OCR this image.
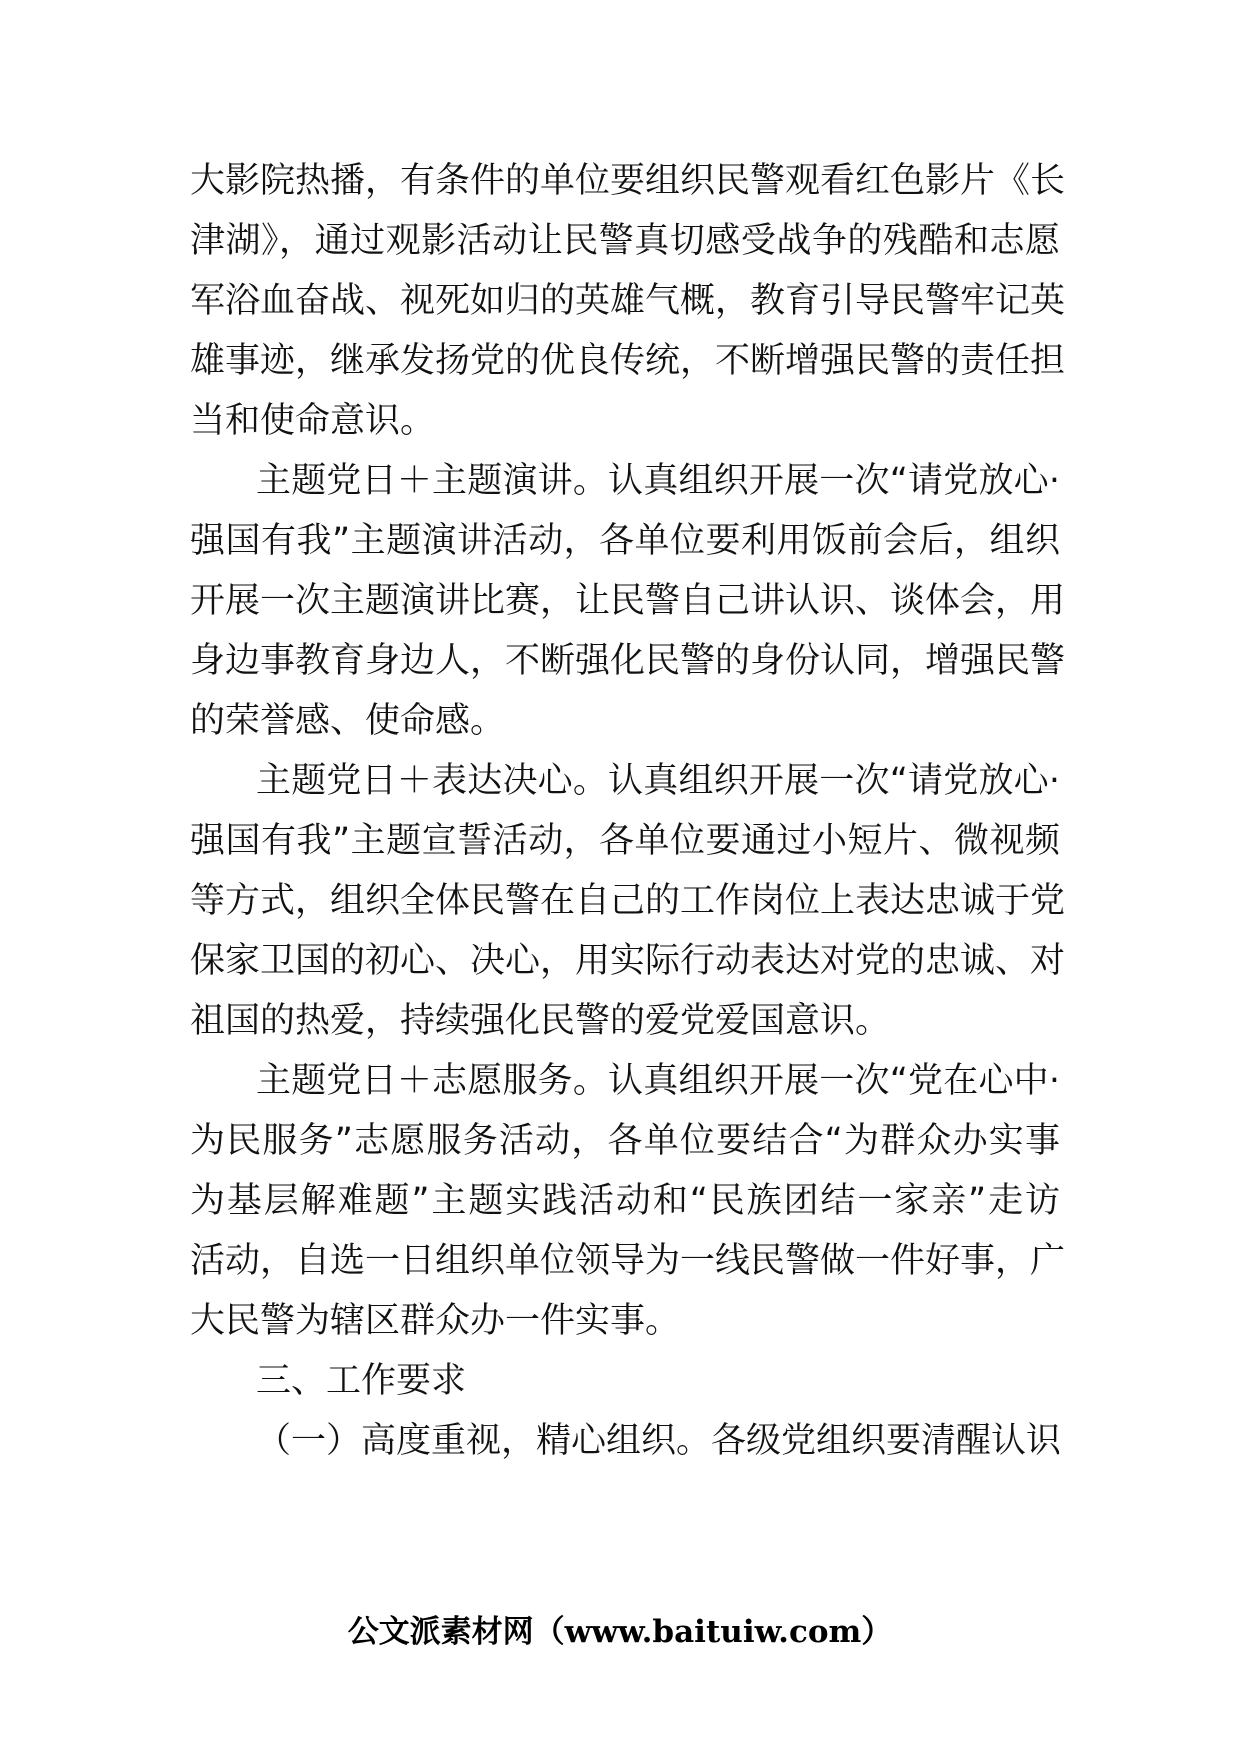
大影院热播，有条件的单位要组织民警观看红色影片《长
津湖》，通过观影活动让民警真切感受战争的残酷和志愿
军浴血奋战、视死如归的英雄气概，教育引导民警牢记英
雄事迹，继承发扬党的优良传统，不断增强民警的责任担
当和使命意识。
主题党日＋主题演讲。认真组织开展一次“请党放心·
强国有我”主题演讲活动，各单位要利用饭前会后，组织
开展一次主题演讲比赛，让民警自己讲认识、谈体会，用
身边事教育身边人，不断强化民警的身份认同，增强民警
的荣誉感、使命感。
主题党日＋表达决心。认真组织开展一次“请党放心·
强国有我”主题宣誓活动，各单位要通过小短片、微视频
等方式，组织全体民警在自己的工作岗位上表达忠诚于党
保家卫国的初心、决心，用实际行动表达对党的忠诚、对
祖国的热爱，持续强化民警的爱党爱国意识。
主题党日＋志愿服务。认真组织开展一次“党在心中·
为民服务”志愿服务活动，各单位要结合“为群众办实事
为基层解难题”主题实践活动和“民族团结一家亲”走访
活动，自选一日组织单位领导为一线民警做一件好事，广
大民警为辖区群众办一件实事。
三、工作要求
（一）高度重视，精心组织。各级党组织要清醒认识
公文派素材网（www.baituiw.com）
